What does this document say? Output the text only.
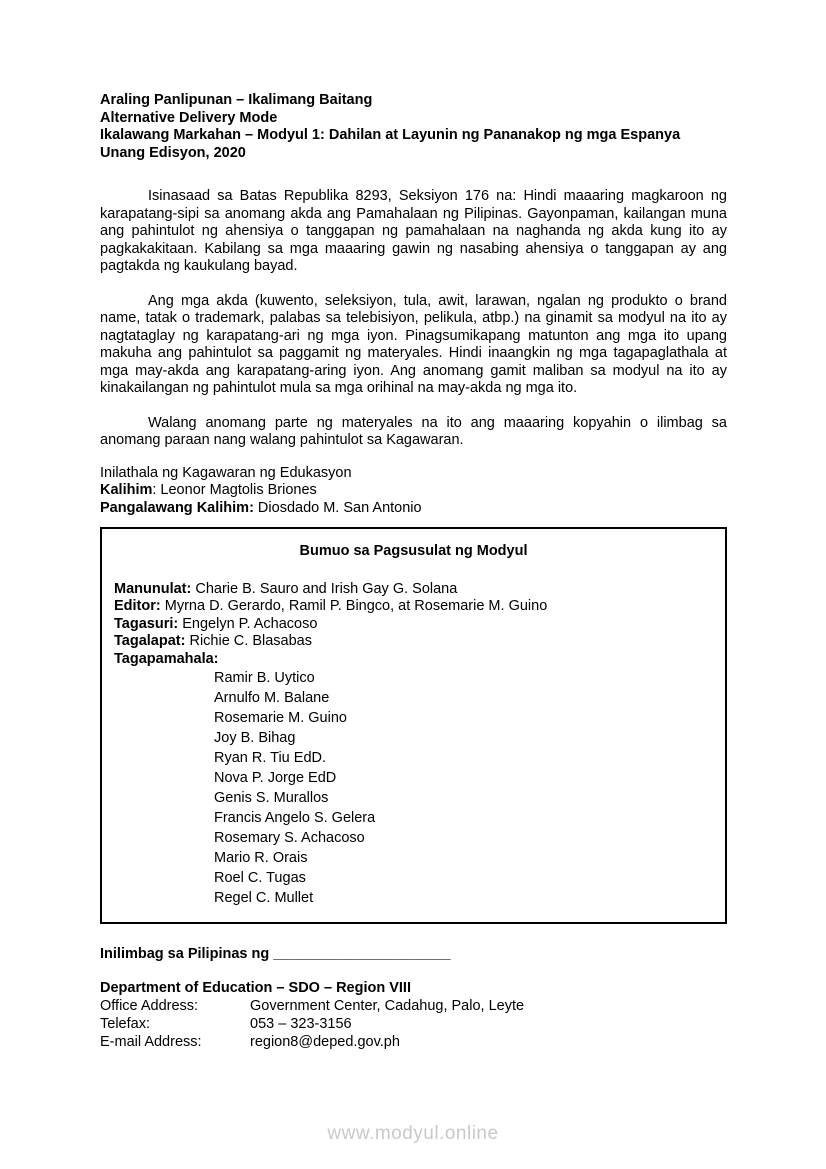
Araling Panlipunan – Ikalimang Baitang
Alternative Delivery Mode
Ikalawang Markahan – Modyul 1: Dahilan at Layunin ng Pananakop ng mga Espanya
Unang Edisyon, 2020

Isinasaad sa Batas Republika 8293, Seksiyon 176 na: Hindi maaaring magkaroon ng karapatang-sipi sa anomang akda ang Pamahalaan ng Pilipinas. Gayonpaman, kailangan muna ang pahintulot ng ahensiya o tanggapan ng pamahalaan na naghanda ng akda kung ito ay pagkakakitaan. Kabilang sa mga maaaring gawin ng nasabing ahensiya o tanggapan ay ang pagtakda ng kaukulang bayad.

Ang mga akda (kuwento, seleksiyon, tula, awit, larawan, ngalan ng produkto o brand name, tatak o trademark, palabas sa telebisiyon, pelikula, atbp.) na ginamit sa modyul na ito ay nagtataglay ng karapatang-ari ng mga iyon. Pinagsumikapang matunton ang mga ito upang makuha ang pahintulot sa paggamit ng materyales. Hindi inaangkin ng mga tagapaglathala at mga may-akda ang karapatang-aring iyon. Ang anomang gamit maliban sa modyul na ito ay kinakailangan ng pahintulot mula sa mga orihinal na may-akda ng mga ito.

Walang anomang parte ng materyales na ito ang maaaring kopyahin o ilimbag sa anomang paraan nang walang pahintulot sa Kagawaran.

Inilathala ng Kagawaran ng Edukasyon
Kalihim: Leonor Magtolis Briones
Pangalawang Kalihim: Diosdado M. San Antonio
Bumuo sa Pagsusulat ng Modyul
Manunulat: Charie B. Sauro and Irish Gay G. Solana
Editor: Myrna D. Gerardo, Ramil P. Bingco, at Rosemarie M. Guino
Tagasuri: Engelyn P. Achacoso
Tagalapat: Richie C. Blasabas
Tagapamahala:
Ramir B. Uytico
Arnulfo M. Balane
Rosemarie M. Guino
Joy B. Bihag
Ryan R. Tiu EdD.
Nova P. Jorge EdD
Genis S. Murallos
Francis Angelo S. Gelera
Rosemary S. Achacoso
Mario R. Orais
Roel C. Tugas
Regel C. Mullet
Inilimbag sa Pilipinas ng ______________________
Department of Education – SDO – Region VIII
Office Address:	Government Center, Cadahug, Palo, Leyte
Telefax:	053 – 323-3156
E-mail Address:	region8@deped.gov.ph
www.modyul.online
